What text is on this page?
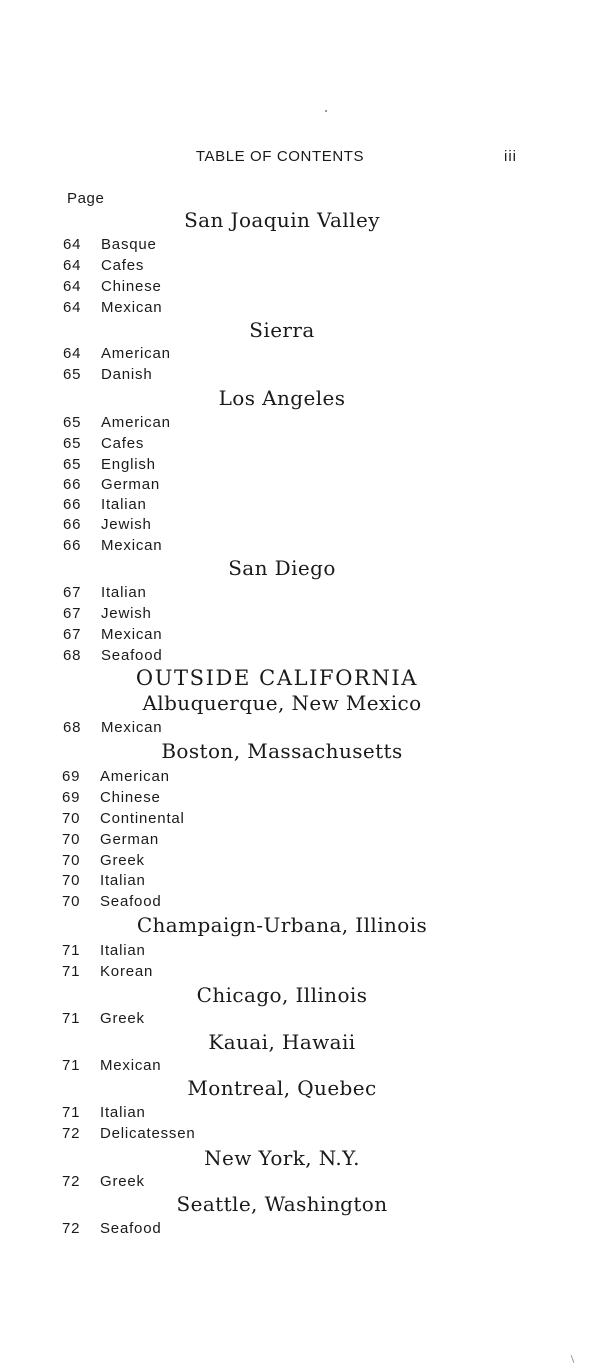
TABLE OF CONTENTS	iii
Page
San Joaquin Valley
64 Basque
64 Cafes
64 Chinese
64 Mexican
Sierra
64 American
65 Danish
Los Angeles
65 American
65 Cafes
65 English
66 German
66 Italian
66 Jewish
66 Mexican
San Diego
67 Italian
67 Jewish
67 Mexican
68 Seafood
OUTSIDE CALIFORNIA
Albuquerque, New Mexico
68 Mexican
Boston, Massachusetts
69 American
69 Chinese
70 Continental
70 German
70 Greek
70 Italian
70 Seafood
Champaign-Urbana, Illinois
71 Italian
71 Korean
Chicago, Illinois
71 Greek
Kauai, Hawaii
71 Mexican
Montreal, Quebec
71 Italian
72 Delicatessen
New York, N.Y.
72 Greek
Seattle, Washington
72 Seafood
